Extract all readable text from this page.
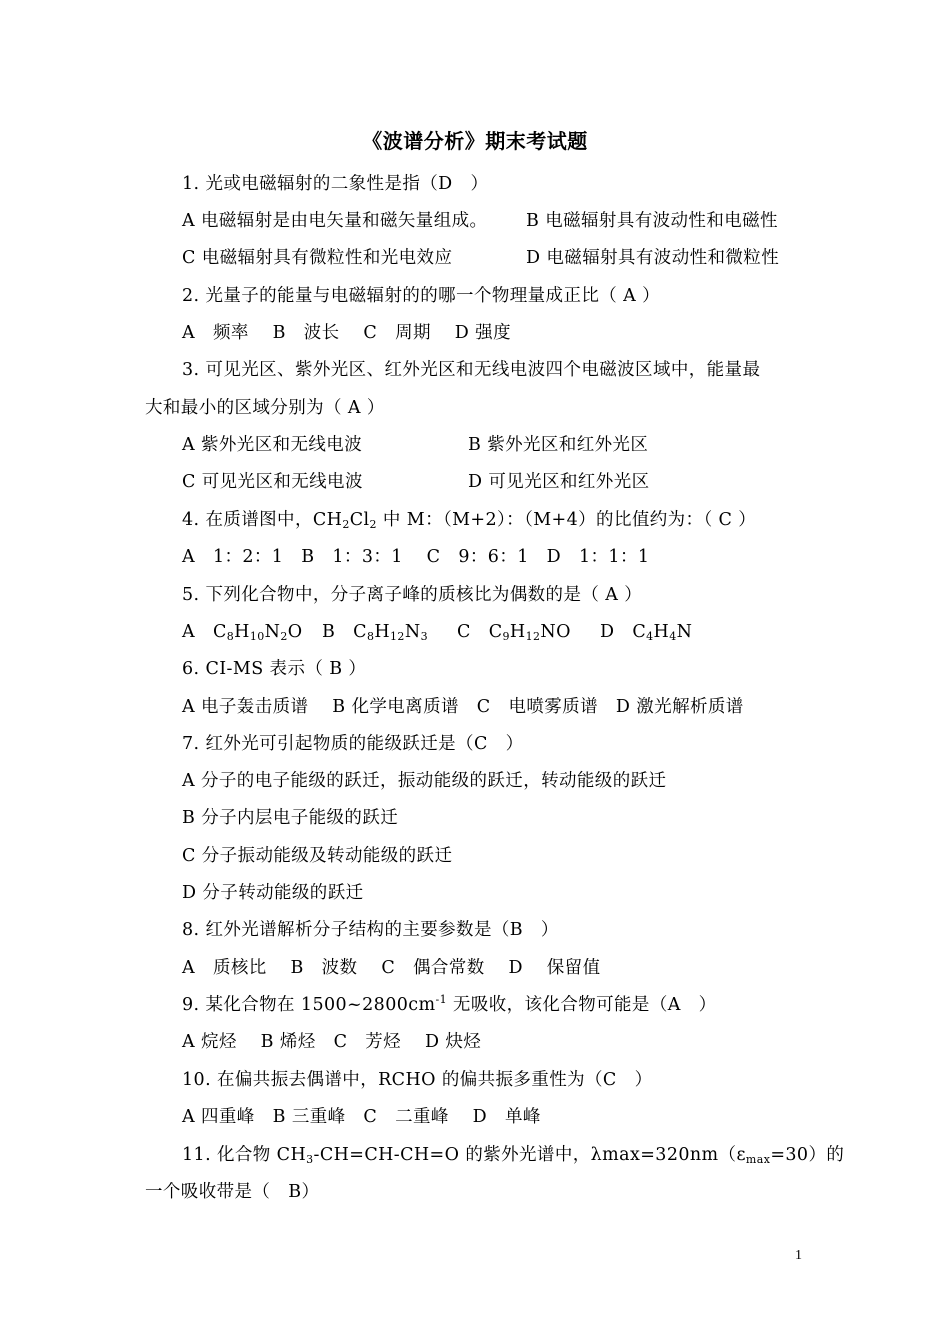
《波谱分析》期末考试题
1. 光或电磁辐射的二象性是指（D　）
A 电磁辐射是由电矢量和磁矢量组成。 B 电磁辐射具有波动性和电磁性
C 电磁辐射具有微粒性和光电效应	D 电磁辐射具有波动性和微粒性
2. 光量子的能量与电磁辐射的的哪一个物理量成正比（ A ）
A　频率　 B　波长　 C　周期　 D 强度
3. 可见光区、紫外光区、红外光区和无线电波四个电磁波区域中，能量最
大和最小的区域分别为（ A ）
A 紫外光区和无线电波	B 紫外光区和红外光区
C 可见光区和无线电波	D 可见光区和红外光区
4. 在质谱图中，$CH_2Cl_2$ 中 M：（M+2）：（M+4）的比值约为：（ C ）
A　1：2：1　B　1：3：1　 C　9：6：1　D　1：1：1
5. 下列化合物中，分子离子峰的质核比为偶数的是（ A ）
A　$C_8H_{10}N_2O$ B　$C_8H_{12}N_3$ C　$C_9H_{12}NO$ D　$C_4H_4N$
6. CI-MS 表示（ B ）
A 电子轰击质谱　 B 化学电离质谱　C　电喷雾质谱　D 激光解析质谱
7. 红外光可引起物质的能级跃迁是（C　）
A 分子的电子能级的跃迁，振动能级的跃迁，转动能级的跃迁
B 分子内层电子能级的跃迁
C 分子振动能级及转动能级的跃迁
D 分子转动能级的跃迁
8. 红外光谱解析分子结构的主要参数是（B　）
A　质核比　 B　波数　 C　偶合常数　 D　 保留值
9. 某化合物在 $1500\sim 2800cm^{-1}$ 无吸收，该化合物可能是（A　）
A 烷烃　 B 烯烃　C　芳烃　 D 炔烃
10. 在偏共振去偶谱中，RCHO 的偏共振多重性为（C　）
A 四重峰　B 三重峰　C　二重峰　 D　单峰
11. 化合物 $CH_3-CH=CH-CH=O$ 的紫外光谱中，$\lambda\max=320nm(\varepsilon_{max}=30)$的
一个吸收带是（　B）
1
